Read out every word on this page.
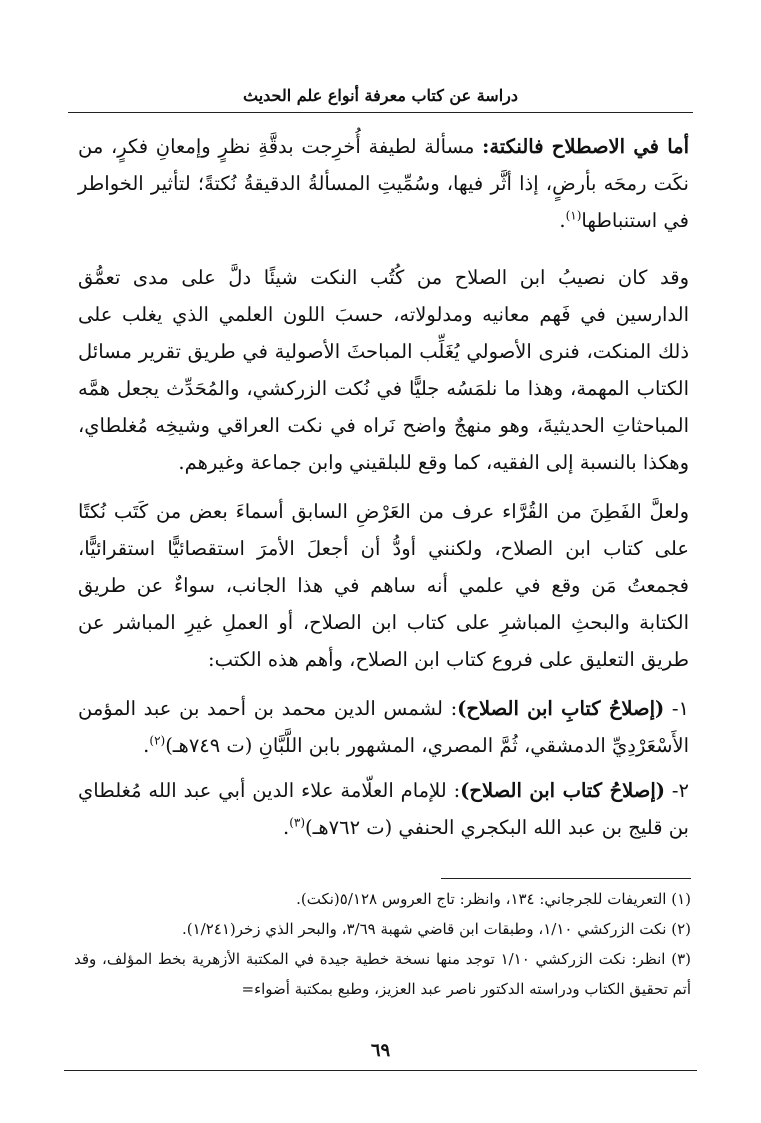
دراسة عن كتاب معرفة أنواع علم الحديث

أما في الاصطلاح فالنكتة: مسألة لطيفة أُخرِجت بدقَّةِ نظرٍ وإمعانِ فكرٍ، من نكَت رمحَه بأرضٍ، إذا أثَّر فيها، وسُمِّيتِ المسألةُ الدقيقةُ نُكتةً؛ لتأثير الخواطر في استنباطها$^{(١)}$.

وقد كان نصيبُ ابن الصلاح من كُتُب النكت شيئًا دلَّ على مدى تعمُّق الدارسين في فَهم معانيه ومدلولاته، حسبَ اللون العلمي الذي يغلب على ذلك المنكت، فنرى الأصولي يُغَلِّب المباحثَ الأصولية في طريق تقرير مسائل الكتاب المهمة، وهذا ما نلمَسُه جليًّا في نُكت الزركشي، والمُحَدِّث يجعل همَّه المباحثاتِ الحديثيةَ، وهو منهجٌ واضح نَراه في نكت العراقي وشيخِه مُغلطاي، وهكذا بالنسبة إلى الفقيه، كما وقع للبلقيني وابن جماعة وغيرهم.

ولعلَّ الفَطِنَ من القُرَّاء عرف من العَرْضِ السابق أسماءَ بعض من كَتَب نُكتًا على كتاب ابن الصلاح، ولكنني أودُّ أن أجعلَ الأمرَ استقصائيًّا استقرائيًّا، فجمعتُ مَن وقع في علمي أنه ساهم في هذا الجانب، سواءٌ عن طريق الكتابة والبحثِ المباشرِ على كتاب ابن الصلاح، أو العملِ غيرِ المباشر عن طريق التعليق على فروع كتاب ابن الصلاح، وأهم هذه الكتب:

١- (إصلاحُ كتابِ ابن الصلاح): لشمس الدين محمد بن أحمد بن عبد المؤمن الأَسْعَرْدِيِّ الدمشقي، ثُمَّ المصري، المشهور بابن اللَّبَّانِ (ت ٧٤٩هـ)$^{(٢)}$.

٢- (إصلاحُ كتاب ابن الصلاح): للإمام العلّامة علاء الدين أبي عبد الله مُغلطاي بن قليج بن عبد الله البكجري الحنفي (ت ٧٦٢هـ)$^{(٣)}$.

(١) التعريفات للجرجاني: ١٣٤، وانظر: تاج العروس ٥/١٢٨(نكت).

(٢) نكت الزركشي ١/١٠، وطبقات ابن قاضي شهبة ٣/٦٩، والبحر الذي زخر(١/٢٤١).

(٣) انظر: نكت الزركشي ١/١٠ توجد منها نسخة خطية جيدة في المكتبة الأزهرية بخط المؤلف، وقد أتم تحقيق الكتاب ودراسته الدكتور ناصر عبد العزيز، وطبع بمكتبة أضواء=

٦٩
